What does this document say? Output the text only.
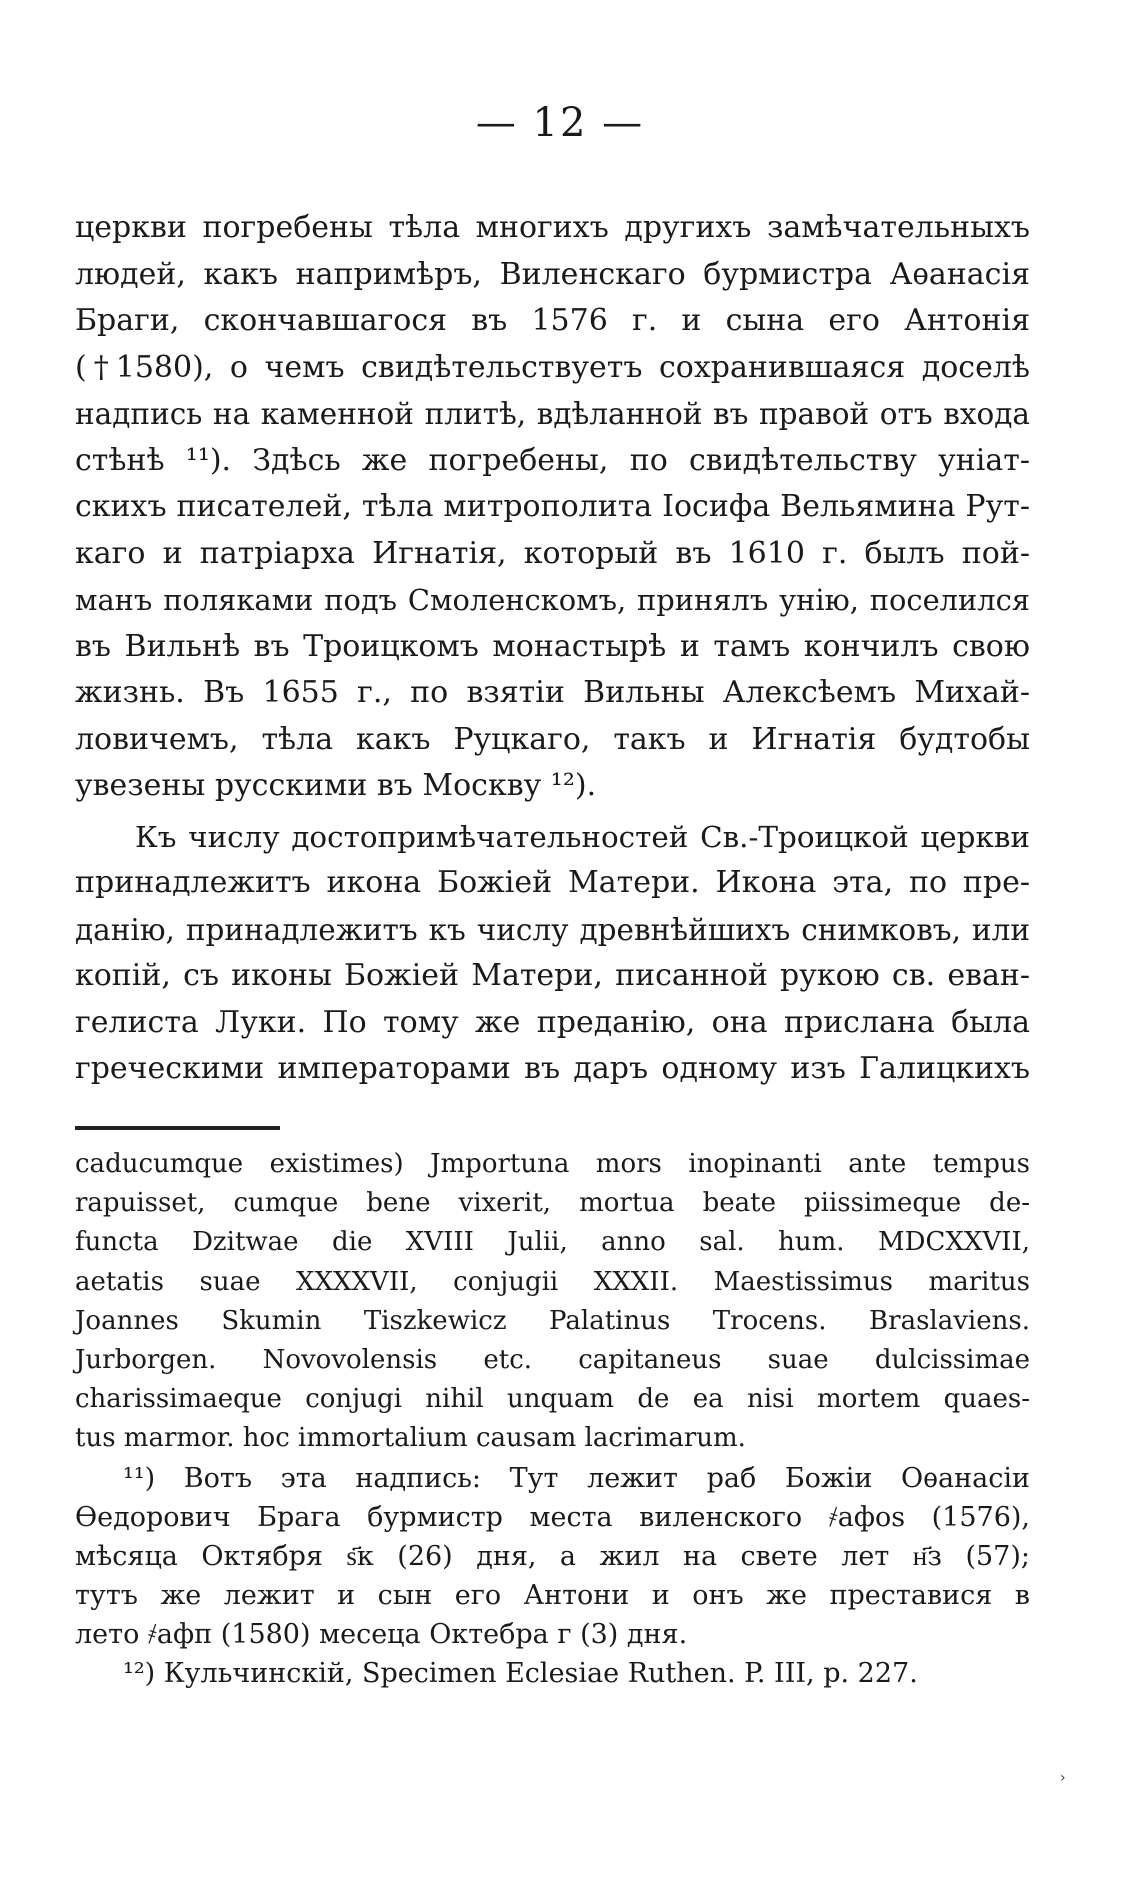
— 12 —
церкви погребены тѣла многихъ другихъ замѣчательныхъ
людей, какъ напримѣръ, Виленскаго бурмистра Аѳанасія
Браги, скончавшагося въ 1576 г. и сына его Антонія
(†1580), о чемъ свидѣтельствуетъ сохранившаяся доселѣ
надпись на каменной плитѣ, вдѣланной въ правой отъ входа
стѣнѣ ¹¹). Здѣсь же погребены, по свидѣтельству уніат-
скихъ писателей, тѣла митрополита Іосифа Вельямина Рут-
каго и патріарха Игнатія, который въ 1610 г. былъ пой-
манъ поляками подъ Смоленскомъ, принялъ унію, поселился
въ Вильнѣ въ Троицкомъ монастырѣ и тамъ кончилъ свою
жизнь. Въ 1655 г., по взятіи Вильны Алексѣемъ Михай-
ловичемъ, тѣла какъ Руцкаго, такъ и Игнатія будтобы
увезены русскими въ Москву ¹²).
Къ числу достопримѣчательностей Св.-Троицкой церкви
принадлежитъ икона Божіей Матери. Икона эта, по пре-
данію, принадлежитъ къ числу древнѣйшихъ снимковъ, или
копій, съ иконы Божіей Матери, писанной рукою св. еван-
гелиста Луки. По тому же преданію, она прислана была
греческими императорами въ даръ одному изъ Галицкихъ
caducumque existimes) Jmportuna mors inopinanti ante tempus
rapuisset, cumque bene vixerit, mortua beate piissimeque de-
functa Dzitwae die XVIII Julii, anno sal. hum. MDCXXVII,
aetatis suae XXXXVII, conjugii XXXII. Maestissimus maritus
Joannes Skumin Tiszkewicz Palatinus Trocens. Braslaviens.
Jurborgen. Novovolensis etc. capitaneus suae dulcissimae
charissimaeque conjugi nihil unquam de ea nisi mortem quaes-
tus marmor. hoc immortalium causam lacrimarum.
¹¹) Вотъ эта надпись: Тут лежит раб Божіи Оѳанасіи
Ѳедорович Брага бурмистр места виленского ҂афоѕ (1576),
мѣсяца Октября ѕ҃к (26) дня, а жил на свете лет н҃з (57);
тутъ же лежит и сын его Антони и онъ же преставися в
лето ҂афп (1580) месеца Октебра г (3) дня.
¹²) Кульчинскій, Specimen Eclesiae Ruthen. P. III, p. 227.
›
